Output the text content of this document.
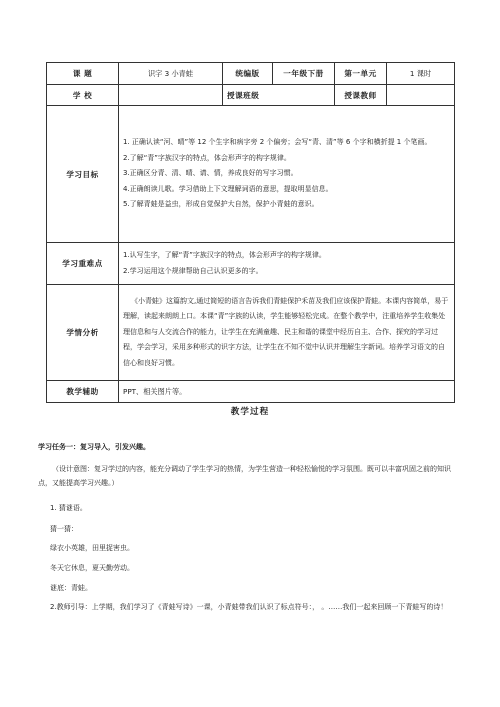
课 题	识字 3 小青蛙	统编版	一年级下册	第一单元	1 课时
学 校		授课班级		授课教师	
学习目标	1. 正确认读“河、晴”等 12 个生字和病字旁 2 个偏旁；会写“青、清”等 6 个字和横折提 1 个笔画。
2.了解“青”字族汉字的特点，体会形声字的构字规律。
3.正确区分青、清、晴、请、情，养成良好的写字习惯。
4.正确朗读儿歌。学习借助上下文理解词语的意思，提取明显信息。
5.了解青蛙是益虫，形成自觉保护大自然，保护小青蛙的意识。				

学习重难点	1.认写生字，了解“青”字族汉字的特点，体会形声字的构字规律。
2.学习运用这个规律帮助自己认识更多的字。				

学情分析	《小青蛙》这篇韵文,通过简短的语言告诉我们青蛙保护禾苗及我们应该保护青蛙。本课内容简单，易于理解，读起来朗朗上口。本课“青”字族的认读，学生能够轻松完成。在整个教学中，注重培养学生收集处理信息和与人交流合作的能力，让学生在充满童趣、民主和谐的课堂中经历自主、合作、探究的学习过程，学会学习，采用多种形式的识字方法，让学生在不知不觉中认识并理解生字新词。培养学习语文的自信心和良好习惯。				

教学辅助	PPT、相关图片等。				
教学过程

学习任务一：复习导入，引发兴趣。

（设计意图：复习学过的内容，能充分调动了学生学习的热情，为学生营造一种轻松愉悦的学习氛围。既可以丰富巩固之前的知识点，又能提高学习兴趣。）

1. 猜谜语。

猜一猜：

绿衣小英雄，田里捉害虫。

冬天它休息，夏天勤劳动。

谜底：青蛙。

2.教师引导：上学期，我们学习了《青蛙写诗》一课，小青蛙带我们认识了标点符号：， 。……我们一起来回顾一下青蛙写的诗！
